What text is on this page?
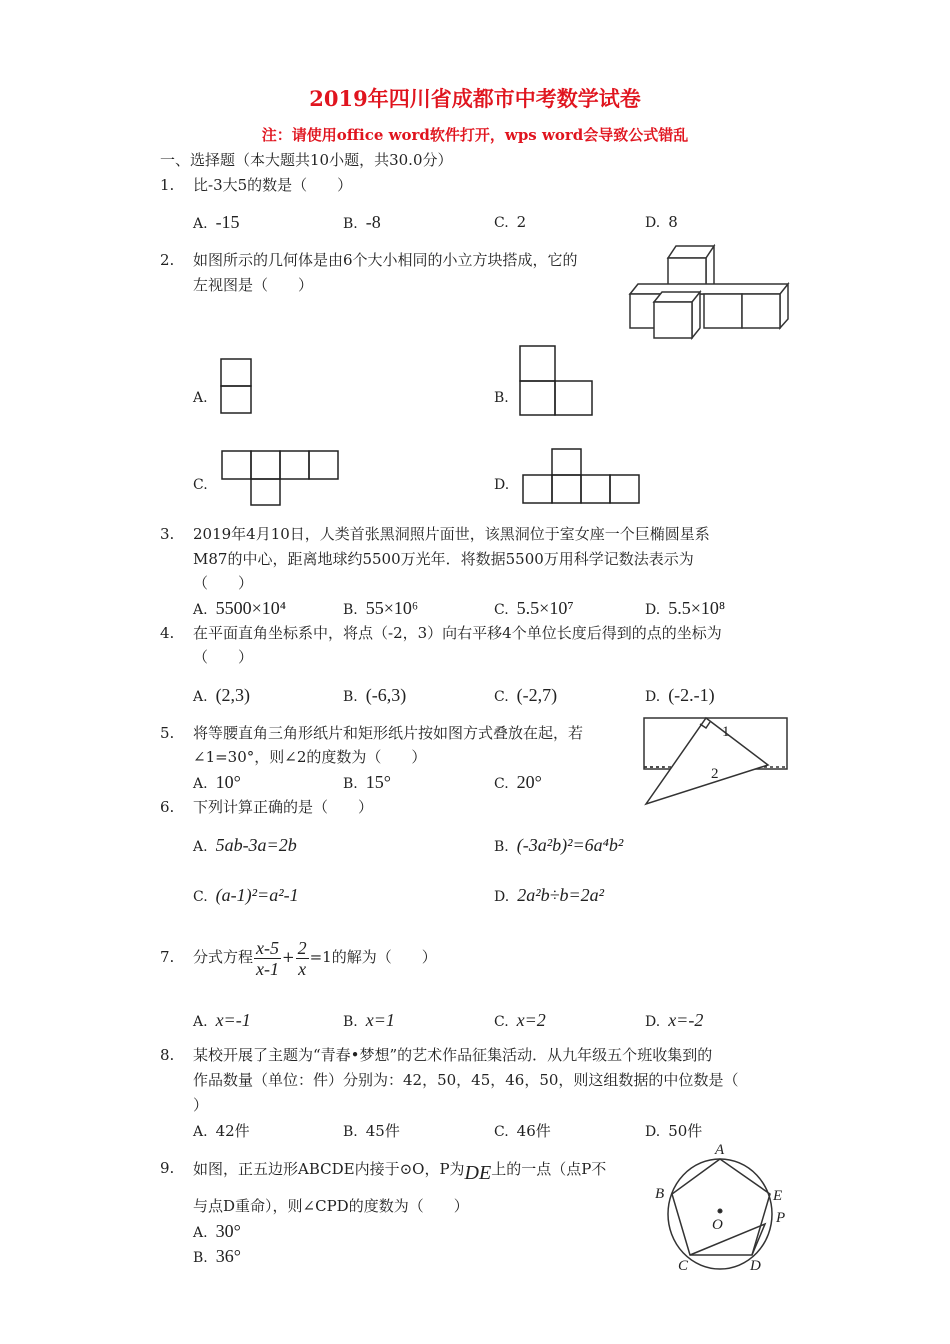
2019年四川省成都市中考数学试卷
注：请使用office word软件打开，wps word会导致公式错乱
一、选择题（本大题共10小题，共30.0分）
1. 比-3大5的数是（　　）
A. -15	B. -8	C. 2	D. 8
2. 如图所示的几何体是由6个大小相同的小立方块搭成，它的
左视图是（　　）
A.	B.
C.	D.
3. 2019年4月10日，人类首张黑洞照片面世，该黑洞位于室女座一个巨椭圆星系
M87的中心，距离地球约5500万光年．将数据5500万用科学记数法表示为
（　　）
A. 5500×10⁴	B. 55×10⁶	C. 5.5×10⁷	D. 5.5×10⁸
4. 在平面直角坐标系中，将点（-2，3）向右平移4个单位长度后得到的点的坐标为
（　　）
A. (2,3)	B. (-6,3)	C. (-2,7)	D. (-2.-1)
5. 将等腰直角三角形纸片和矩形纸片按如图方式叠放在起，若
∠1=30°，则∠2的度数为（　　）
A. 10°	B. 15°	C. 20°
1
2
6. 下列计算正确的是（　　）
A. 5ab-3a=2b	B. (-3a²b)²=6a⁴b²
C. (a-1)²=a²-1	D. 2a²b÷b=2a²
7. 分式方程 $\frac{x-5}{x-1} + \frac{2}{x} =1$的解为（　　）
A. x=-1	B. x=1	C. x=2	D. x=-2
8. 某校开展了主题为“青春•梦想”的艺术作品征集活动．从九年级五个班收集到的
作品数量（单位：件）分别为：42，50，45，46，50，则这组数据的中位数是（
）
A. 42件	B. 45件	C. 46件	D. 50件
9. 如图，正五边形ABCDE内接于⊙O，P为DE上的一点（点P不
与点D重命），则∠CPD的度数为（　　）
A. 30°
B. 36°
A
B
C	D
E
P
O
